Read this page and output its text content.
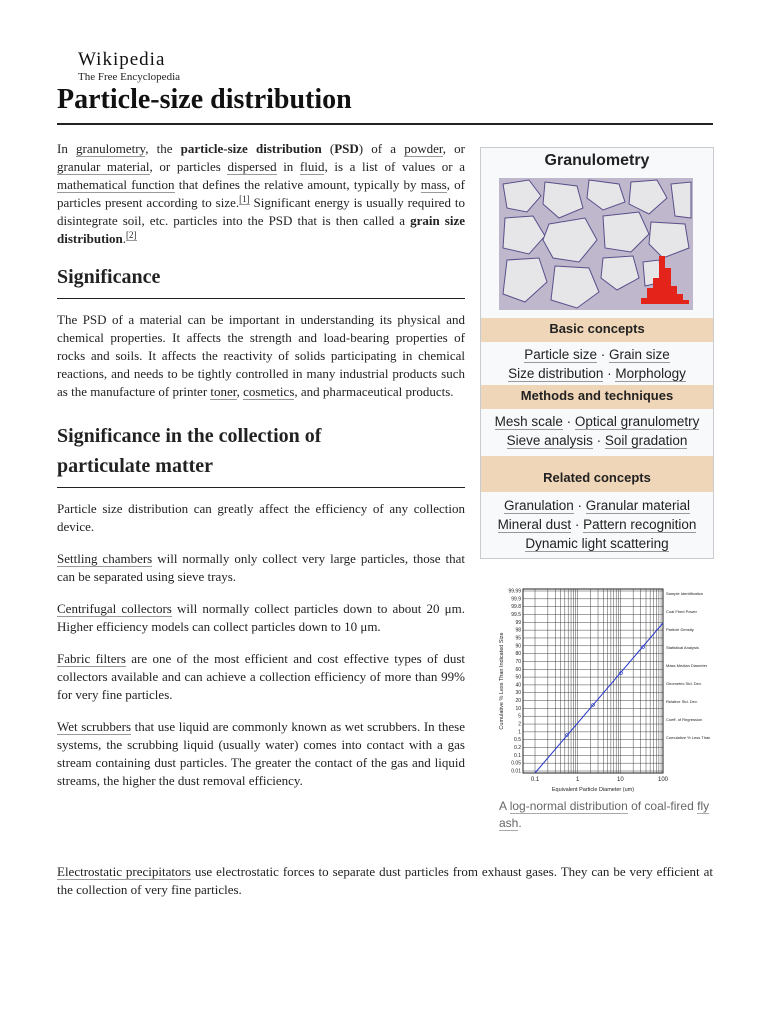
Wikipedia
The Free Encyclopedia
Particle-size distribution

In granulometry, the particle-size distribution (PSD) of a powder, or granular material, or particles dispersed in fluid, is a list of values or a mathematical function that defines the relative amount, typically by mass, of particles present according to size.[1] Significant energy is usually required to disintegrate soil, etc. particles into the PSD that is then called a grain size distribution.[2]

Significance

The PSD of a material can be important in understanding its physical and chemical properties. It affects the strength and load-bearing properties of rocks and soils. It affects the reactivity of solids participating in chemical reactions, and needs to be tightly controlled in many industrial products such as the manufacture of printer toner, cosmetics, and pharmaceutical products.

Significance in the collection of
particulate matter

Particle size distribution can greatly affect the efficiency of any collection device.

Settling chambers will normally only collect very large particles, those that can be separated using sieve trays.

Centrifugal collectors will normally collect particles down to about 20 μm. Higher efficiency models can collect particles down to 10 μm.

Fabric filters are one of the most efficient and cost effective types of dust collectors available and can achieve a collection efficiency of more than 99% for very fine particles.

Wet scrubbers that use liquid are commonly known as wet scrubbers. In these systems, the scrubbing liquid (usually water) comes into contact with a gas stream containing dust particles. The greater the contact of the gas and liquid streams, the higher the dust removal efficiency.

Electrostatic precipitators use electrostatic forces to separate dust particles from exhaust gases. They can be very efficient at the collection of very fine particles.
Granulometry
Basic concepts
Particle size · Grain size
Size distribution · Morphology
Methods and techniques
Mesh scale · Optical granulometry
Sieve analysis · Soil gradation
Related concepts
Granulation · Granular material
Mineral dust · Pattern recognition
Dynamic light scattering
99.99
99.9
99.8
99.5
99
98
95
90
80
70
60
50
40
30
20
10
5
2
1
0.5
0.2
0.1
0.05
0.01
0.1	1	10	100
Cumulative % Less Than Indicated Size
Equivalent Particle Diameter (um)
Sample Identification
Coal Fired Power
Particle Density
Statistical Analysis
Mass Median Diameter
Geometric Std. Dev.
Relative Std. Dev.
Coeff. of Regression
Cumulative % Less Than
A log-normal distribution of coal-fired fly ash.
